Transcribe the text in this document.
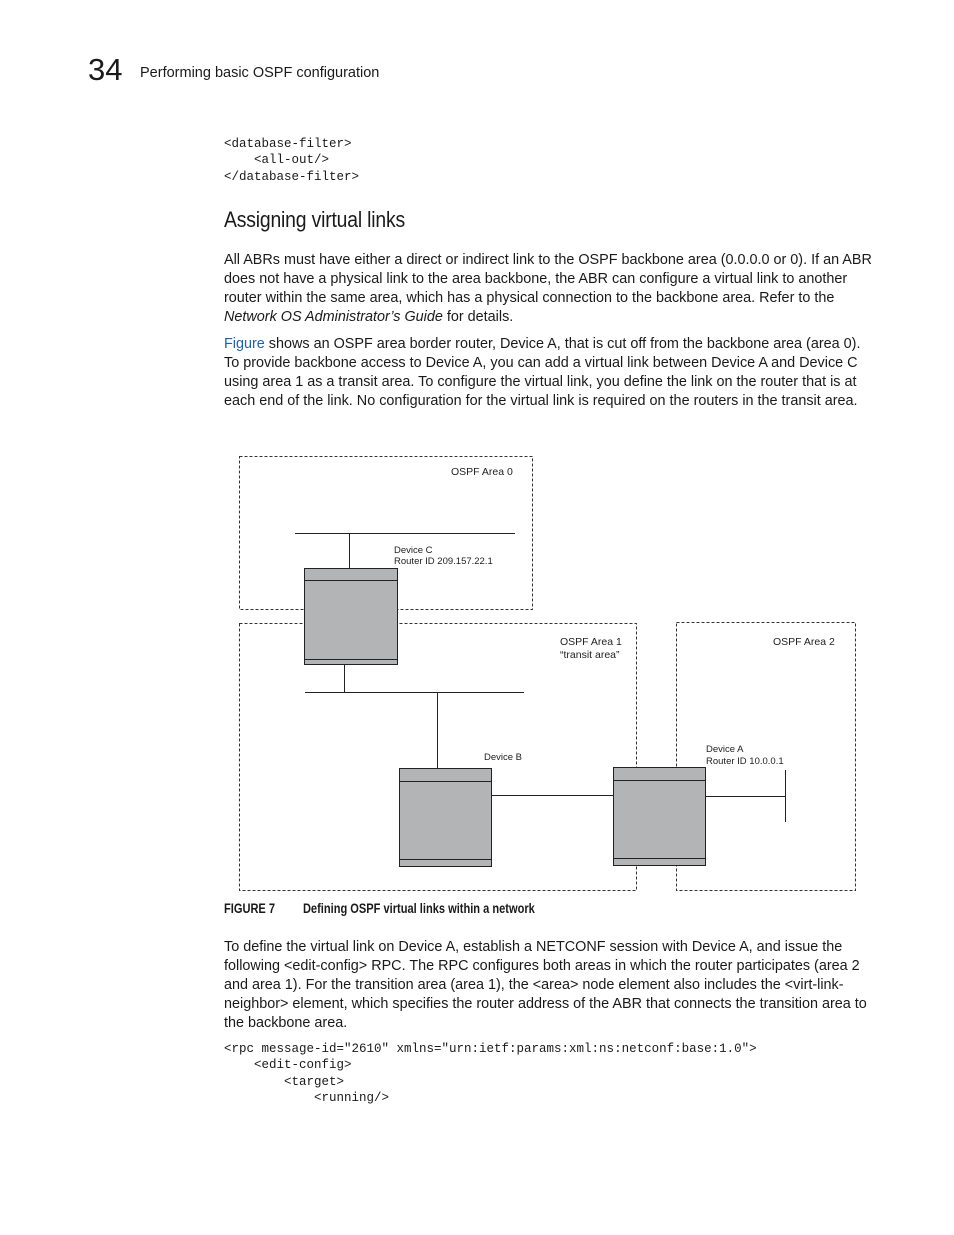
34 Performing basic OSPF configuration
<database-filter>
<all-out/>
</database-filter>
Assigning virtual links

All ABRs must have either a direct or indirect link to the OSPF backbone area (0.0.0.0 or 0). If an ABR does not have a physical link to the area backbone, the ABR can configure a virtual link to another router within the same area, which has a physical connection to the backbone area. Refer to the Network OS Administrator’s Guide for details.

Figure shows an OSPF area border router, Device A, that is cut off from the backbone area (area 0). To provide backbone access to Device A, you can add a virtual link between Device A and Device C using area 1 as a transit area. To configure the virtual link, you define the link on the router that is at each end of the link. No configuration for the virtual link is required on the routers in the transit area.

OSPF Area 0
OSPF Area 1
“transit area”
OSPF Area 2
Device C
Router ID 209.157.22.1
Device B
Device A
Router ID 10.0.0.1
FIGURE 7 Defining OSPF virtual links within a network

To define the virtual link on Device A, establish a NETCONF session with Device A, and issue the following <edit-config> RPC. The RPC configures both areas in which the router participates (area 2 and area 1). For the transition area (area 1), the <area> node element also includes the <virt-link-neighbor> element, which specifies the router address of the ABR that connects the transition area to the backbone area.

<rpc message-id="2610" xmlns="urn:ietf:params:xml:ns:netconf:base:1.0">
<edit-config>
<target>
<running/>
